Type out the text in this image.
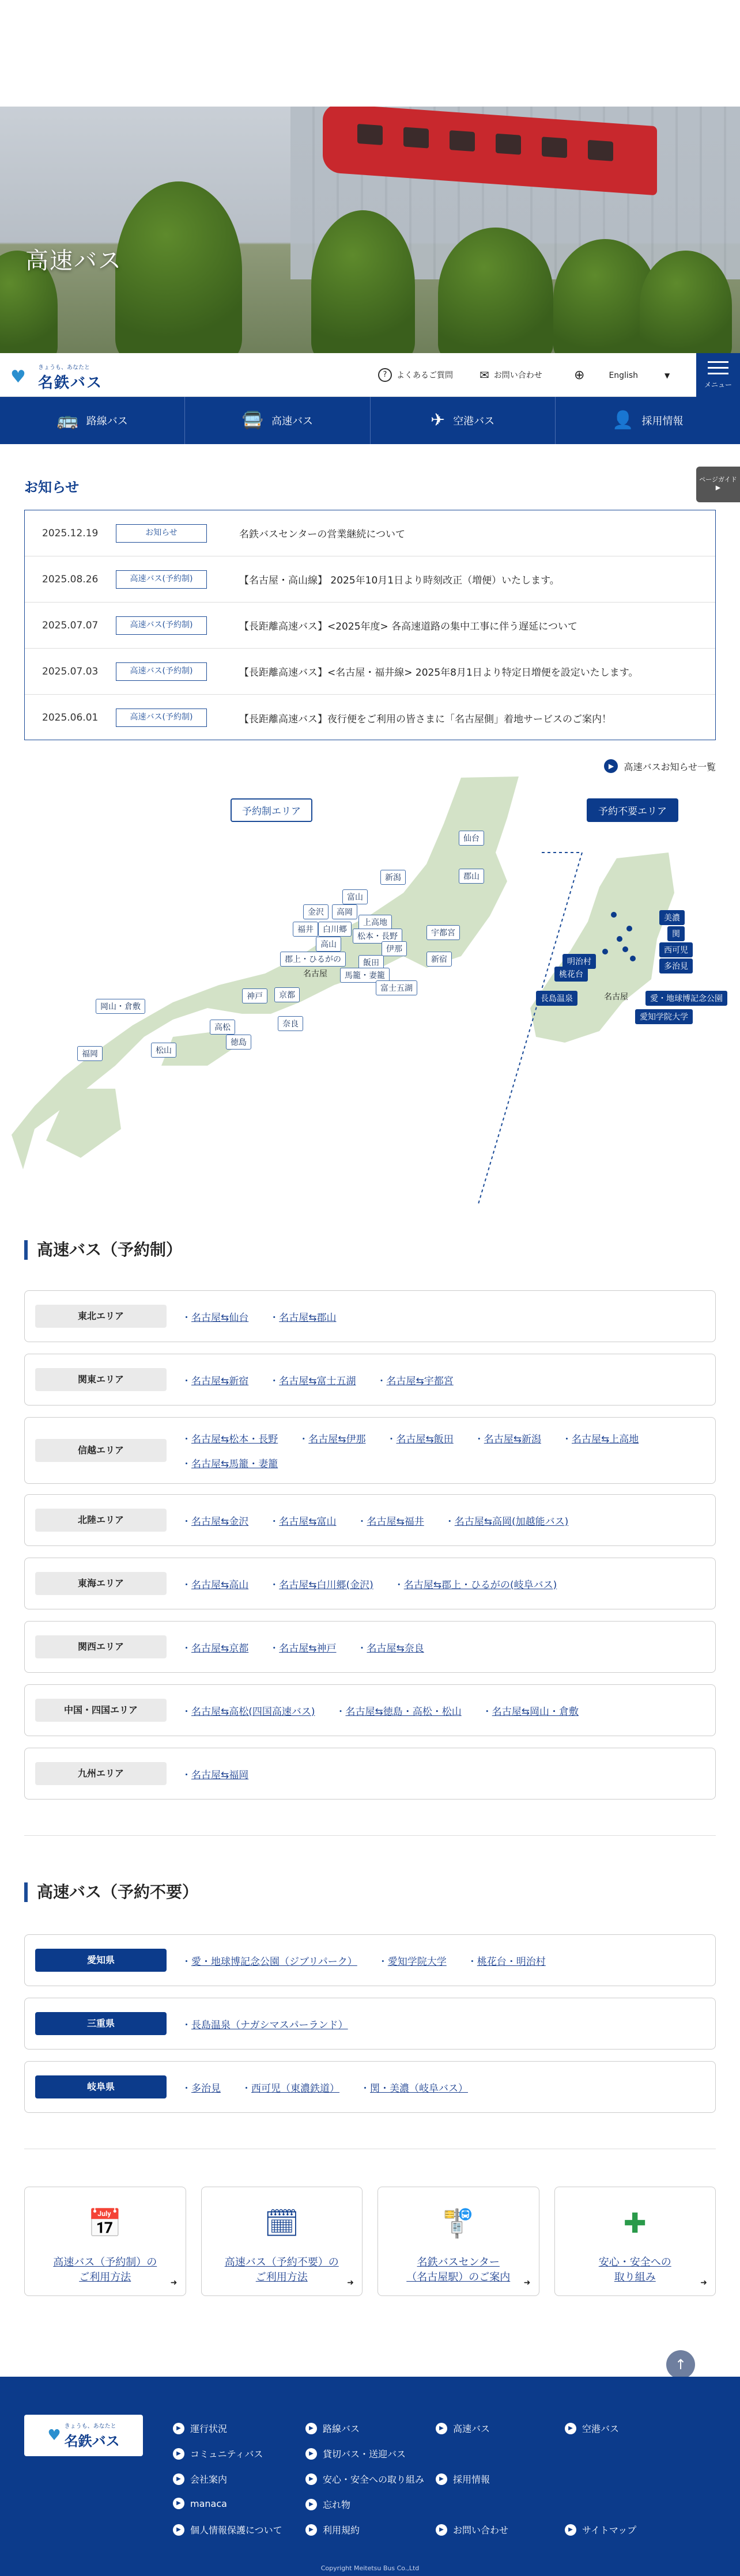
高速バス
♥	きょうも、あなたと
名鉄バス	?	よくあるご質問 ✉ お問い合わせ	⊕	English	▼
メニュー
🚌 路線バス	🚍 高速バス	✈ 空港バス	👤 採用情報
お知らせ	ページガイド
▶
2025.12.19	お知らせ	名鉄バスセンターの営業継続について
2025.08.26	高速バス(予約制)	【名古屋・高山線】 2025年10月1日より時刻改正（増便）いたします。
2025.07.07	高速バス(予約制)	【長距離高速バス】<2025年度> 各高速道路の集中工事に伴う遅延について
2025.07.03	高速バス(予約制)	【長距離高速バス】<名古屋・福井線> 2025年8月1日より特定日増便を設定いたします。
2025.06.01	高速バス(予約制)	【長距離高速バス】夜行便をご利用の皆さまに「名古屋側」着地サービスのご案内！
▶	高速バスお知らせ一覧
予約制エリア	予約不要エリア
仙台
郡山
新潟
富山
金沢	高岡
福井	白川郷
上高地
高山
松本・長野	宇都宮
伊那
郡上・ひるがの	飯田	新宿
名古屋	馬籠・妻籠
富士五湖
岡山・倉敷
神戸	京都
高松	奈良
徳島
松山
福岡
美濃
関
西可児
多治見
明治村
桃花台
名古屋
長島温泉	愛・地球博記念公園
愛知学院大学
高速バス（予約制）
東北エリア	・ 名古屋⇆仙台	・ 名古屋⇆郡山
関東エリア	・ 名古屋⇆新宿	・ 名古屋⇆富士五湖	・ 名古屋⇆宇都宮
信越エリア
・ 名古屋⇆松本・長野	・ 名古屋⇆伊那	・ 名古屋⇆飯田	・ 名古屋⇆新潟	・ 名古屋⇆上高地
・ 名古屋⇆馬籠・妻籠
北陸エリア	・ 名古屋⇆金沢	・ 名古屋⇆富山	・ 名古屋⇆福井	・ 名古屋⇆高岡(加越能バス)
東海エリア	・ 名古屋⇆高山	・ 名古屋⇆白川郷(金沢)	・ 名古屋⇆郡上・ひるがの(岐阜バス)
関西エリア	・ 名古屋⇆京都	・ 名古屋⇆神戸	・ 名古屋⇆奈良
中国・四国エリア	・ 名古屋⇆高松(四国高速バス)	・ 名古屋⇆徳島・高松・松山	・ 名古屋⇆岡山・倉敷
九州エリア	・ 名古屋⇆福岡
高速バス（予約不要）
愛知県	・ 愛・地球博記念公園（ジブリパーク）	・ 愛知学院大学	・ 桃花台・明治村
三重県	・ 長島温泉（ナガシマスパーランド）
岐阜県	・ 多治見	・ 西可児（東濃鉄道）	・ 関・美濃（岐阜バス）
📅
高速バス（予約制）の
ご利用方法	➜
🗓
高速バス（予約不要）の
ご利用方法	➜
🚏
名鉄バスセンター
（名古屋駅）のご案内	➜
✚
安心・安全への
取り組み	➜
↑
♥
きょうも、あなたと
名鉄バス
▶	運行状況	▶	路線バス	▶	高速バス	▶	空港バス
▶	コミュニティバス	▶	貸切バス・送迎バス
▶	会社案内	▶	安心・安全への取り組み	▶	採用情報
▶	manaca	▶	忘れ物
▶	個人情報保護について	▶	利用規約	▶	お問い合わせ	▶	サイトマップ
Copyright Meitetsu Bus Co.,Ltd
